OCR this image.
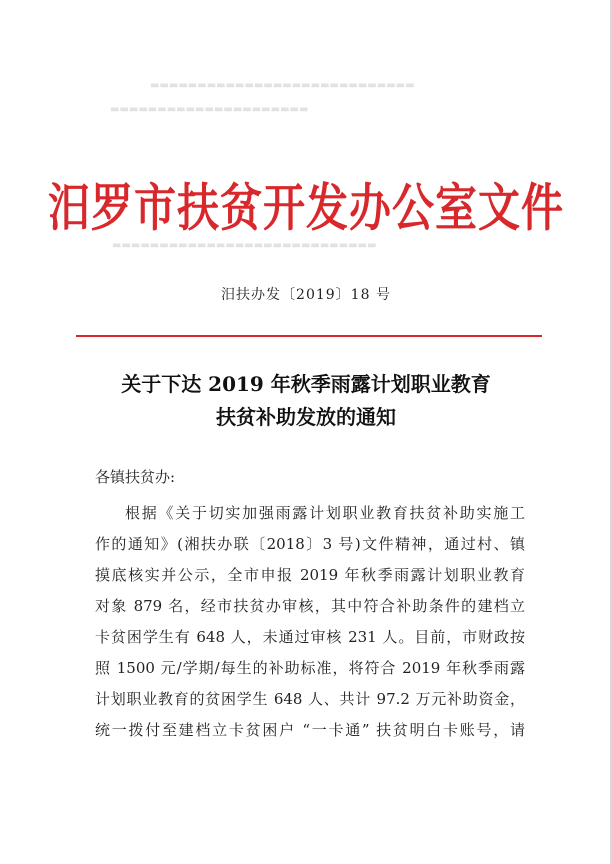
▬▬▬▬▬▬▬▬▬▬▬▬▬▬▬▬▬▬▬▬▬▬▬▬▬▬▬▬
▬▬▬▬▬▬▬▬▬▬▬▬▬▬▬▬▬▬▬▬▬
▬▬▬▬▬▬▬▬▬▬▬▬▬▬▬▬▬▬▬▬▬▬▬▬▬▬▬▬
汨罗市扶贫开发办公室文件
汨扶办发〔2019〕18 号
关于下达 2019 年秋季雨露计划职业教育
扶贫补助发放的通知
各镇扶贫办:
根据《关于切实加强雨露计划职业教育扶贫补助实施工
作的通知》(湘扶办联〔2018〕3 号)文件精神，通过村、镇
摸底核实并公示，全市申报 2019 年秋季雨露计划职业教育
对象 879 名，经市扶贫办审核，其中符合补助条件的建档立
卡贫困学生有 648 人，未通过审核 231 人。目前，市财政按
照 1500 元/学期/每生的补助标准，将符合 2019 年秋季雨露
计划职业教育的贫困学生 648 人、共计 97.2 万元补助资金，
统一拨付至建档立卡贫困户 “一卡通” 扶贫明白卡账号，请
